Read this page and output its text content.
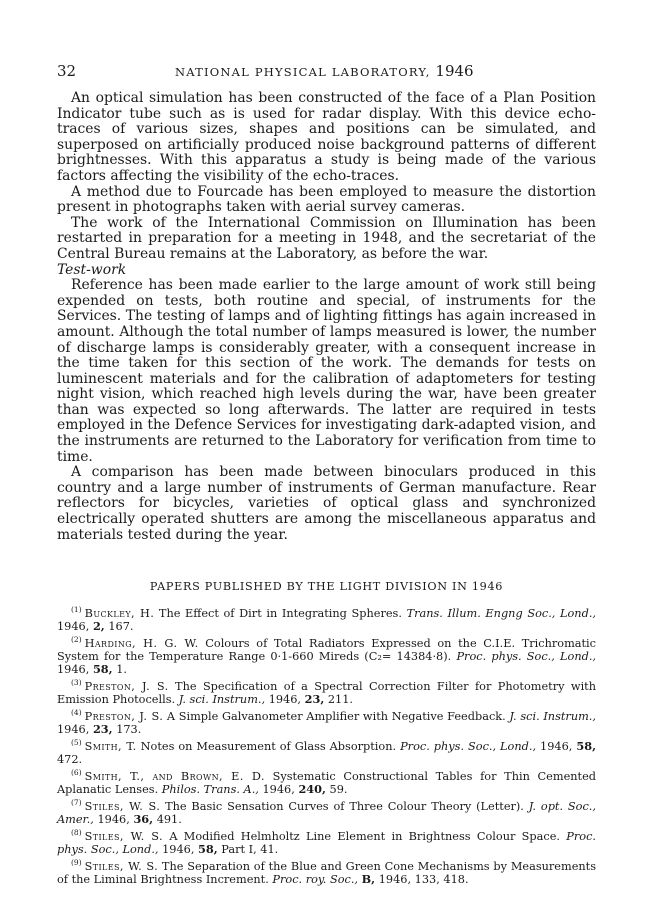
32	NATIONAL PHYSICAL LABORATORY, 1946

An optical simulation has been constructed of the face of a Plan Position Indicator tube such as is used for radar display. With this device echo-traces of various sizes, shapes and positions can be simulated, and superposed on artificially produced noise background patterns of different brightnesses. With this apparatus a study is being made of the various factors affecting the visibility of the echo-traces.

A method due to Fourcade has been employed to measure the distortion present in photographs taken with aerial survey cameras.

The work of the International Commission on Illumination has been restarted in preparation for a meeting in 1948, and the secretariat of the Central Bureau remains at the Laboratory, as before the war.

Test-work

Reference has been made earlier to the large amount of work still being expended on tests, both routine and special, of instruments for the Services. The testing of lamps and of lighting fittings has again increased in amount. Although the total number of lamps measured is lower, the number of discharge lamps is considerably greater, with a consequent increase in the time taken for this section of the work. The demands for tests on luminescent materials and for the calibration of adaptometers for testing night vision, which reached high levels during the war, have been greater than was expected so long afterwards. The latter are required in tests employed in the Defence Services for investigating dark-adapted vision, and the instruments are returned to the Laboratory for verification from time to time.

A comparison has been made between binoculars produced in this country and a large number of instruments of German manufacture. Rear reflectors for bicycles, varieties of optical glass and synchronized electrically operated shutters are among the miscellaneous apparatus and materials tested during the year.

PAPERS PUBLISHED BY THE LIGHT DIVISION IN 1946

$^{(1)}$ Buckley, H. The Effect of Dirt in Integrating Spheres. Trans. Illum. Engng Soc., Lond., 1946, 2, 167.

$^{(2)}$ Harding, H. G. W. Colours of Total Radiators Expressed on the C.I.E. Trichromatic System for the Temperature Range 0·1-660 Mireds (C₂= 14384·8). Proc. phys. Soc., Lond., 1946, 58, 1.

$^{(3)}$ Preston, J. S. The Specification of a Spectral Correction Filter for Photometry with Emission Photocells. J. sci. Instrum., 1946, 23, 211.

$^{(4)}$ Preston, J. S. A Simple Galvanometer Amplifier with Negative Feedback. J. sci. Instrum., 1946, 23, 173.

$^{(5)}$ Smith, T. Notes on Measurement of Glass Absorption. Proc. phys. Soc., Lond., 1946, 58, 472.

$^{(6)}$ Smith, T., and Brown, E. D. Systematic Constructional Tables for Thin Cemented Aplanatic Lenses. Philos. Trans. A., 1946, 240, 59.

$^{(7)}$ Stiles, W. S. The Basic Sensation Curves of Three Colour Theory (Letter). J. opt. Soc., Amer., 1946, 36, 491.

$^{(8)}$ Stiles, W. S. A Modified Helmholtz Line Element in Brightness Colour Space. Proc. phys. Soc., Lond., 1946, 58, Part I, 41.

$^{(9)}$ Stiles, W. S. The Separation of the Blue and Green Cone Mechanisms by Measurements of the Liminal Brightness Increment. Proc. roy. Soc., B, 1946, 133, 418.
